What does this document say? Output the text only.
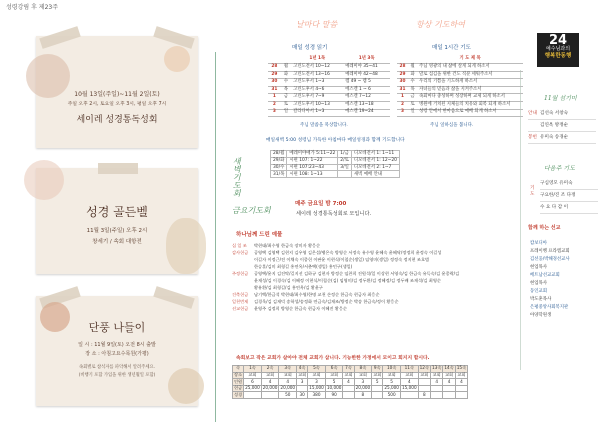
성령강림 후 제23주
10월 13일(주일)~11월 2일(토)
주일 오후 2시, 토요일 오후 3시, 평일 오후 7시
세이레 성경통독성회
성경 골든벨
11월 3일(주일) 오후 2시
창세기 / 속회 대항전
단풍 나들이
일 시 : 11월 9일(토) 오전 8시 출발
장 소 : 아침고요수목원(가평)
속회별로 참석자를 파악해서 알려주세요.
(비행기 포함 가입을 위한 생년월일 포함)
날마다 말씀
매일 성경 읽기
		1년 1독	1년 3독
28	월	고린도전서 10~12	예레미야 35~41
29	화	고린도전서 13~16	예레미야 42~48
30	수	고린도후서 1~3	렘 49 ~ 렘 5
31	목	고린도후서 4~6	에스겔 1 ~ 6
1	금	고린도후서 7~9	에스겔 7~12
2	토	고린도후서 10~13	에스겔 13~18
3	일	갈라디아서 1~3	에스겔 19~24
주님 말씀을 묵상합니다.
항상 기도하여
매일 1시간 기도
		기 도 제 목
28	월	주님 영광의 내 삶에 살게 되게 하소서
29	화	말로 섬김을 위한 건도 직분 세워주소서
30	수	우리의 기쁨을 기도하게 하소서
31	목	자녀들의 믿음과 삶을 지켜주소서
1	금	속회마다 충성하며 성장하며 교제 되게 하소서
2	토	병원에 거치된 지체들의 치유와 회복 되게 하소서
3	일	성령 안에서 한마음으로 예배 되게 하소서
주님 일하심을 봅니다.
24
예수님과의
행복한동행
새벽기도회
매일새벽 5:00 성령님 가득한 아침마다 매일성경과 함께 기도합니다
28/월	예레미야애가 5:11~22	1/금	디모데전서 1: 1~11
29/화	시편 107: 1~22	2/토	디모데전서 1: 12~20
30/수	시편 107:23~43	3/일	디모데전서 2: 1~7
31/목	시편 108: 1~13		새벽 예배 안내
금요기도회
매주 금요일 밤 7:00
세이레 성경통독성회로 모입니다.
하나님께 드린 예물
십 일 조	박현태/최수영 한금숙 장미자 황응순
감사헌금	공영택 김영택 김현지 김우영 김은섭/팽은숙 방영순 서정숙 유수영 윤혜숙 윤혜닥/정정희 윤정숙 이길성
이길자 이정근/전 이채숙 이종헌 이판윤 이현식/이철순(생일) 임영미(생일) 정정숙 정지현 조호범
한승훈/김미 최형길 홍연옥/서춘택(생일) 홍민구(생일)
주정헌금	공영택/윤지 김진탁/길지선 김하규 김현자 방정순 임찬희 진원석/일 이상현 서영숙/김 한금숙 유득숙/김 윤종락/김
윤재성/김 이경숙/김 이혜정 이현식/이철순(김) 임영미/김 정두환/김 정혜정/김 정두배 조재석/김 최영순
황유환/김 최형길/김 홍연옥/김 황윤구
건축헌금	남기백/한금석 박현태/최수영/한명 교천 손정순 한금숙 현금자 최응순
일천번제	김경욱/김 김재덕 송학성/송정화 연금숙/김재조/방정순 박송 한금숙/정이 황응순
선교헌금	윤영주 김정희 방영순 한금숙 현금자 이혜진 황응순
속회보고 작은 교회가 살아야 전체 교회가 삽니다. 기능한한 가정에서 모이고 회지지 합시다.
속	1속	2속	3속	4속	5속	6속	7속	8속	9속	10속	11속	12속	13속	14속	15속
장소	교회	교회	교회	교회	교회	교회	교회	교회	교회	교회	교회	교회	교회	교회	교회
인원	6	4	4	3	3	5	4	3	5	5	4		4	4	4
헌금	25,000	20,000	20,000		15,000	10,000		20,000		25,000	15,000				
성경			50	30	380	90		8		500		8			
11월 섬기미
안내 김선숙 서창숙
김연옥 방정순
봉헌 유미숙 송경순
다음주 기도
기 도
구심영모 유미숙
구요한/진 조 다정
수 요 다 감 이
함께 하는 선교
캄보디아
프레이벵 프라엠교회
김선웅/박해경선교사
현업목사
베트남선교교회
현업목사
동인교회
박도훈목사
은평중앙사회복지관
아양학원생
